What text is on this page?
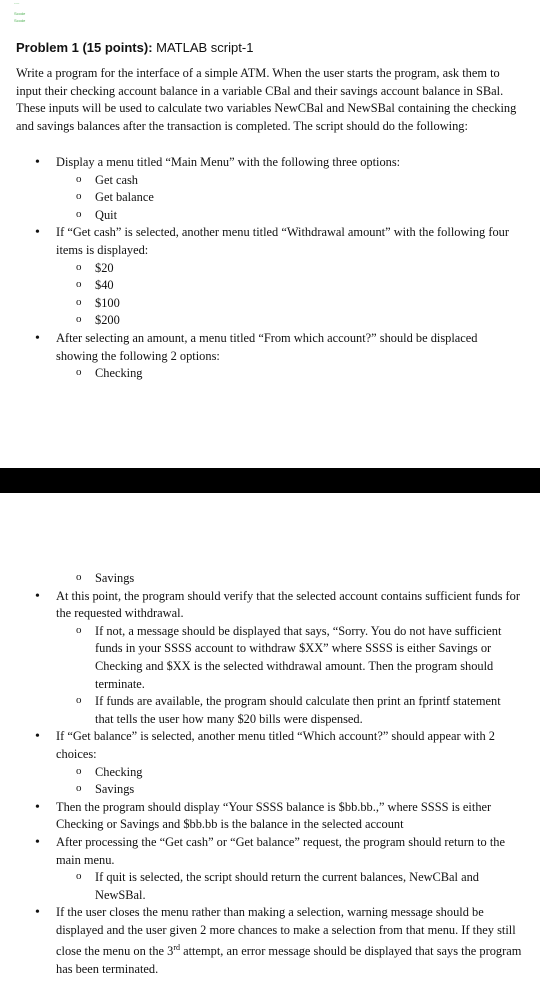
----
Scode
Scode
Problem 1 (15 points): MATLAB script-1
Write a program for the interface of a simple ATM. When the user starts the program, ask them to input their checking account balance in a variable CBal and their savings account balance in SBal. These inputs will be used to calculate two variables NewCBal and NewSBal containing the checking and savings balances after the transaction is completed. The script should do the following:
• Display a menu titled “Main Menu” with the following three options:
o Get cash
o Get balance
o Quit
• If “Get cash” is selected, another menu titled “Withdrawal amount” with the following four items is displayed:
o $20
o $40
o $100
o $200
• After selecting an amount, a menu titled “From which account?” should be displaced showing the following 2 options:
o Checking
o Savings
• At this point, the program should verify that the selected account contains sufficient funds for the requested withdrawal.
o If not, a message should be displayed that says, “Sorry. You do not have sufficient funds in your SSSS account to withdraw $XX” where SSSS is either Savings or Checking and $XX is the selected withdrawal amount. Then the program should terminate.
o If funds are available, the program should calculate then print an fprintf statement that tells the user how many $20 bills were dispensed.
• If “Get balance” is selected, another menu titled “Which account?” should appear with 2 choices:
o Checking
o Savings
• Then the program should display “Your SSSS balance is $bb.bb.,” where SSSS is either Checking or Savings and $bb.bb is the balance in the selected account
• After processing the “Get cash” or “Get balance” request, the program should return to the main menu.
o If quit is selected, the script should return the current balances, NewCBal and NewSBal.
• If the user closes the menu rather than making a selection, warning message should be displayed and the user given 2 more chances to make a selection from that menu. If they still close the menu on the 3rd attempt, an error message should be displayed that says the program has been terminated.
